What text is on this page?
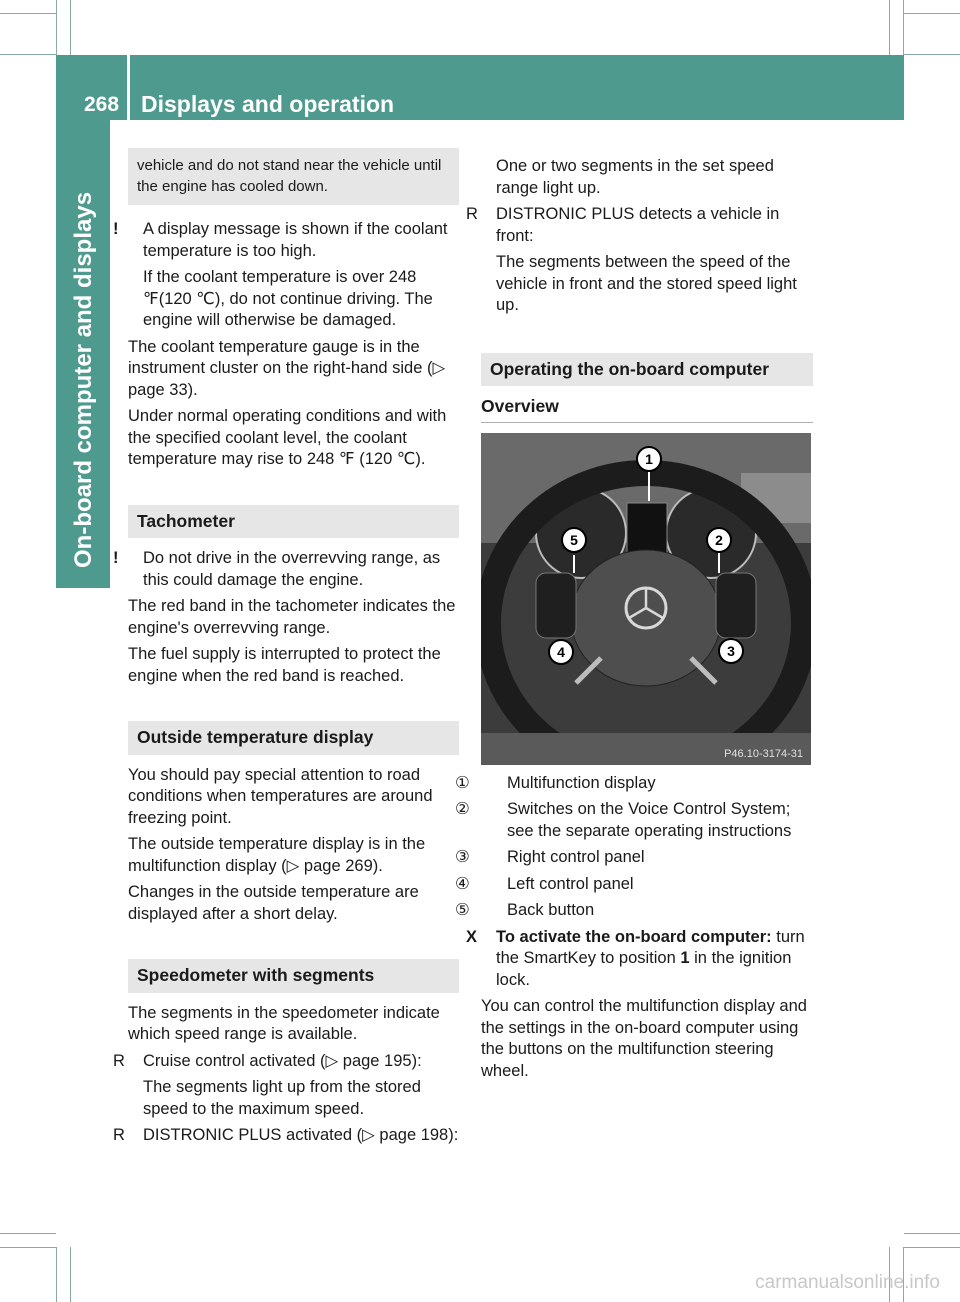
268 Displays and operation
On-board computer and displays
vehicle and do not stand near the vehicle until the engine has cooled down.

! A display message is shown if the coolant temperature is too high.

If the coolant temperature is over 248 ℉(120 ℃), do not continue driving. The engine will otherwise be damaged.

The coolant temperature gauge is in the instrument cluster on the right-hand side (▷ page 33).

Under normal operating conditions and with the specified coolant level, the coolant temperature may rise to 248 ℉ (120 ℃).

Tachometer

! Do not drive in the overrevving range, as this could damage the engine.

The red band in the tachometer indicates the engine's overrevving range.

The fuel supply is interrupted to protect the engine when the red band is reached.

Outside temperature display

You should pay special attention to road conditions when temperatures are around freezing point.

The outside temperature display is in the multifunction display (▷ page 269).

Changes in the outside temperature are displayed after a short delay.

Speedometer with segments

The segments in the speedometer indicate which speed range is available.

R Cruise control activated (▷ page 195):

The segments light up from the stored speed to the maximum speed.

R DISTRONIC PLUS activated (▷ page 198):

One or two segments in the set speed range light up.

R DISTRONIC PLUS detects a vehicle in front:

The segments between the speed of the vehicle in front and the stored speed light up.

Operating the on-board computer
Overview
1
2
3
4
5
P46.10-3174-31

① Multifunction display

② Switches on the Voice Control System; see the separate operating instructions

③ Right control panel

④ Left control panel

⑤ Back button

X To activate the on-board computer: turn the SmartKey to position 1 in the ignition lock.

You can control the multifunction display and the settings in the on-board computer using the buttons on the multifunction steering wheel.

carmanualsonline.info
